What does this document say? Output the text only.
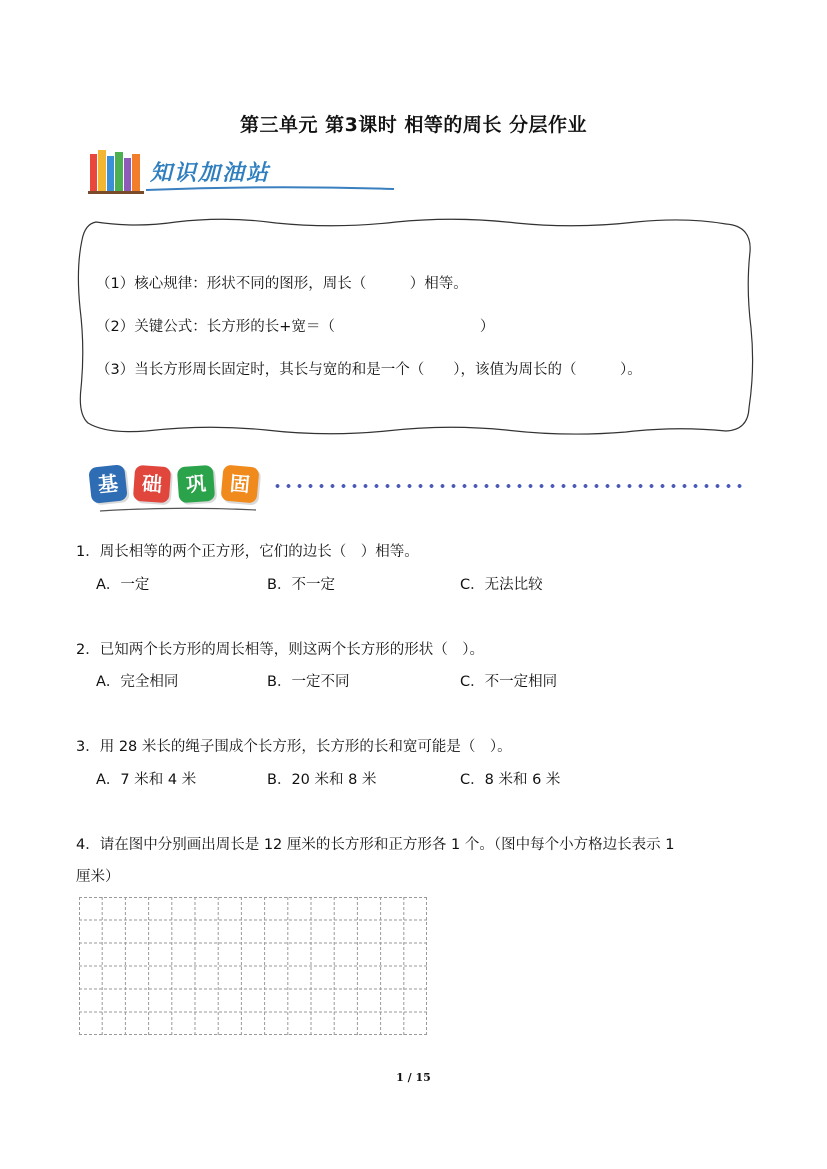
第三单元 第3课时 相等的周长 分层作业
知识加油站
（1）核心规律：形状不同的图形，周长（　　　）相等。
（2）关键公式：长方形的长+宽＝（　　　　　　　　　　）
（3）当长方形周长固定时，其长与宽的和是一个（　　），该值为周长的（　　　）。
基	础	巩	固
1．周长相等的两个正方形，它们的边长（　）相等。
A．一定	B．不一定	C．无法比较
2．已知两个长方形的周长相等，则这两个长方形的形状（　）。
A．完全相同	B．一定不同	C．不一定相同
3．用 28 米长的绳子围成个长方形，长方形的长和宽可能是（　）。
A．7 米和 4 米	B．20 米和 8 米	C．8 米和 6 米
4．请在图中分别画出周长是 12 厘米的长方形和正方形各 1 个。（图中每个小方格边长表示 1
厘米）
1 / 15
